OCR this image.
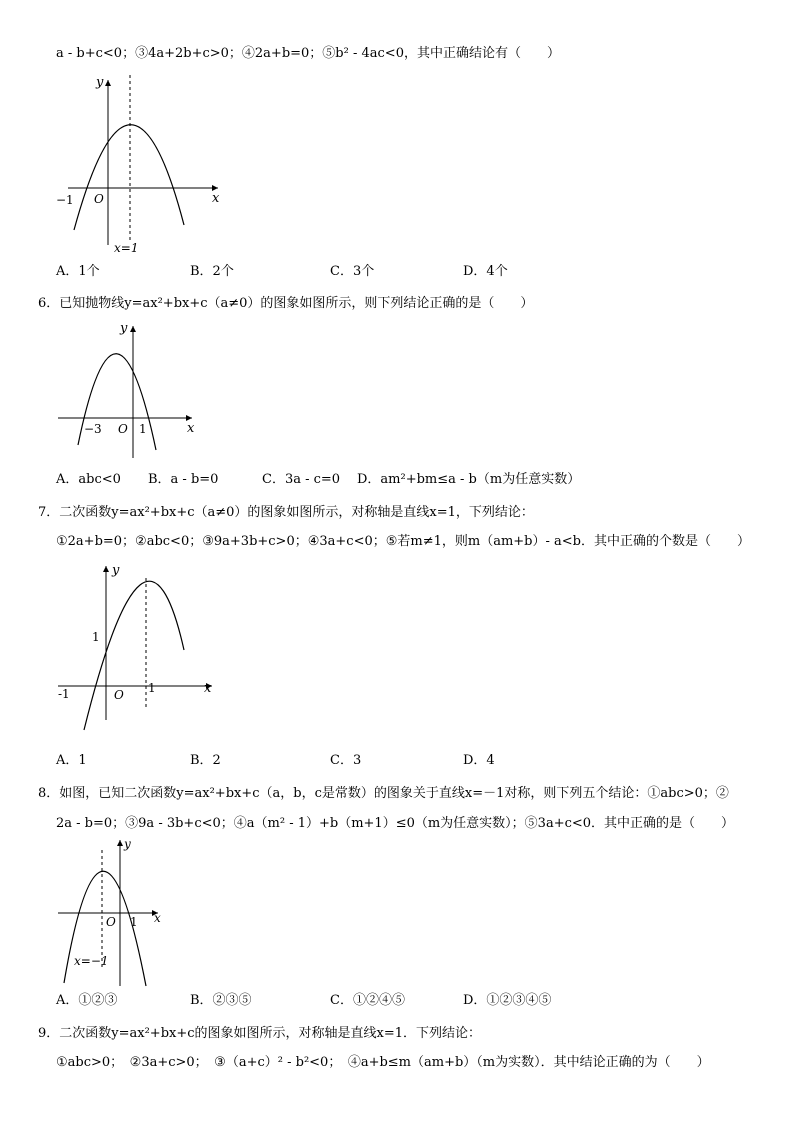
a - b+c<0；③4a+2b+c>0；④2a+b=0；⑤b² - 4ac<0，其中正确结论有（　　）
y
x
O
−1
x=1
A．1个	B．2个	C．3个	D．4个
6．已知抛物线y=ax²+bx+c（a≠0）的图象如图所示，则下列结论正确的是（　　）
y
x
O
−3	1
A．abc<0 B．a - b=0	C．3a - c=0 D．am²+bm≤a - b（m为任意实数）
7．二次函数y=ax²+bx+c（a≠0）的图象如图所示，对称轴是直线x=1，下列结论：
①2a+b=0；②abc<0；③9a+3b+c>0；④3a+c<0；⑤若m≠1，则m（am+b）- a<b．其中正确的个数是（　　）
y
x
O
-1	1
1
A．1	B．2	C．3	D．4
8．如图，已知二次函数y=ax²+bx+c（a，b，c是常数）的图象关于直线x=－1对称，则下列五个结论：①abc>0；②
2a - b=0；③9a - 3b+c<0；④a（m² - 1）+b（m+1）≤0（m为任意实数）；⑤3a+c<0．其中正确的是（　　）
y
x
O 1
x=−1
A．①②③	B．②③⑤	C．①②④⑤	D．①②③④⑤
9．二次函数y=ax²+bx+c的图象如图所示，对称轴是直线x=1．下列结论：
①abc>0；　②3a+c>0；　③（a+c）² - b²<0；　④a+b≤m（am+b）（m为实数）．其中结论正确的为（　　）
